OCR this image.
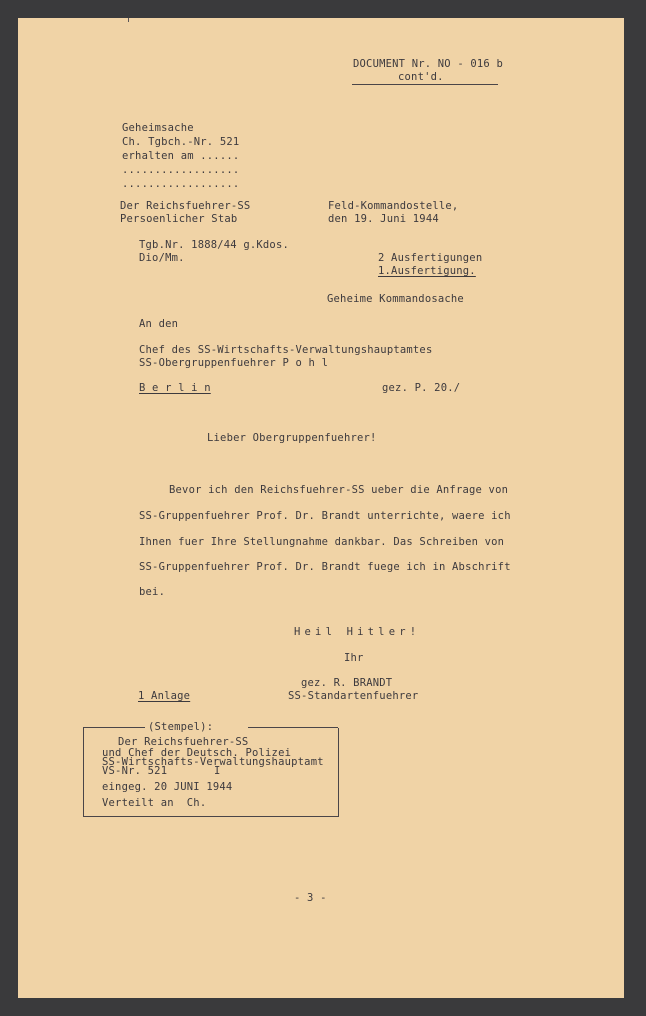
DOCUMENT Nr. NO - 016 b
cont'd.
Geheimsache
Ch. Tgbch.-Nr. 521
erhalten am ......
..................
..................
Der Reichsfuehrer-SS
Persoenlicher Stab
Tgb.Nr. 1888/44 g.Kdos.
Dio/Mm.
Feld-Kommandostelle,
den 19. Juni 1944
2 Ausfertigungen
1.Ausfertigung.
Geheime Kommandosache
An den
Chef des SS-Wirtschafts-Verwaltungshauptamtes
SS-Obergruppenfuehrer P o h l
B e r l i n	gez. P. 20./
Lieber Obergruppenfuehrer!
Bevor ich den Reichsfuehrer-SS ueber die Anfrage von
SS-Gruppenfuehrer Prof. Dr. Brandt unterrichte, waere ich
Ihnen fuer Ihre Stellungnahme dankbar. Das Schreiben von
SS-Gruppenfuehrer Prof. Dr. Brandt fuege ich in Abschrift
bei.
Heil Hitler!
Ihr
gez. R. BRANDT
SS-Standartenfuehrer
1 Anlage
(Stempel):
Der Reichsfuehrer-SS
und Chef der Deutsch. Polizei
SS-Wirtschafts-Verwaltungshauptamt
VS-Nr. 521	I
eingeg. 20 JUNI 1944
Verteilt an  Ch.
- 3 -
